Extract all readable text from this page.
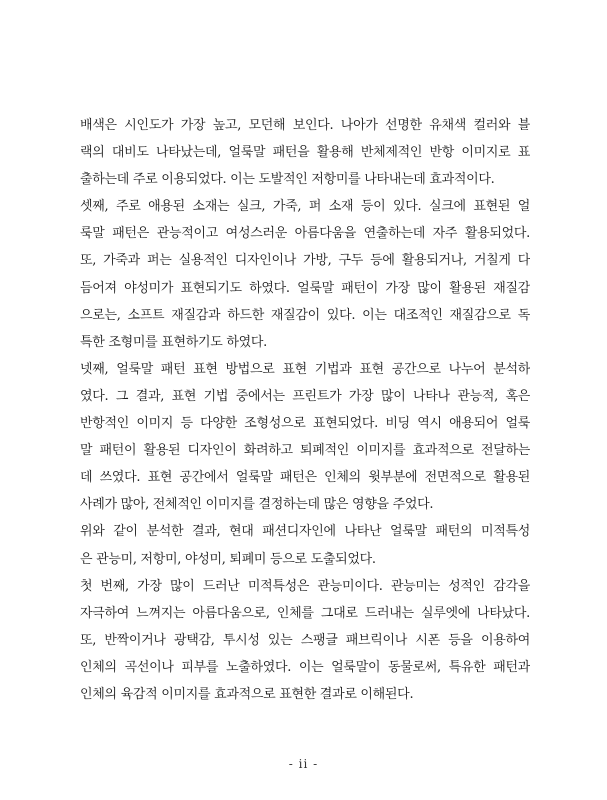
배색은 시인도가 가장 높고, 모던해 보인다. 나아가 선명한 유채색 컬러와 블
랙의 대비도 나타났는데, 얼룩말 패턴을 활용해 반체제적인 반항 이미지로 표
출하는데 주로 이용되었다. 이는 도발적인 저항미를 나타내는데 효과적이다.
셋째, 주로 애용된 소재는 실크, 가죽, 퍼 소재 등이 있다. 실크에 표현된 얼
룩말 패턴은 관능적이고 여성스러운 아름다움을 연출하는데 자주 활용되었다.
또, 가죽과 퍼는 실용적인 디자인이나 가방, 구두 등에 활용되거나, 거칠게 다
듬어져 야성미가 표현되기도 하였다. 얼룩말 패턴이 가장 많이 활용된 재질감
으로는, 소프트 재질감과 하드한 재질감이 있다. 이는 대조적인 재질감으로 독
특한 조형미를 표현하기도 하였다.
넷째, 얼룩말 패턴 표현 방법으로 표현 기법과 표현 공간으로 나누어 분석하
였다. 그 결과, 표현 기법 중에서는 프린트가 가장 많이 나타나 관능적, 혹은
반항적인 이미지 등 다양한 조형성으로 표현되었다. 비딩 역시 애용되어 얼룩
말 패턴이 활용된 디자인이 화려하고 퇴폐적인 이미지를 효과적으로 전달하는
데 쓰였다. 표현 공간에서 얼룩말 패턴은 인체의 윗부분에 전면적으로 활용된
사례가 많아, 전체적인 이미지를 결정하는데 많은 영향을 주었다.
위와 같이 분석한 결과, 현대 패션디자인에 나타난 얼룩말 패턴의 미적특성
은 관능미, 저항미, 야성미, 퇴폐미 등으로 도출되었다.
첫 번째, 가장 많이 드러난 미적특성은 관능미이다. 관능미는 성적인 감각을
자극하여 느껴지는 아름다움으로, 인체를 그대로 드러내는 실루엣에 나타났다.
또, 반짝이거나 광택감, 투시성 있는 스팽글 패브릭이나 시폰 등을 이용하여
인체의 곡선이나 피부를 노출하였다. 이는 얼룩말이 동물로써, 특유한 패턴과
인체의 육감적 이미지를 효과적으로 표현한 결과로 이해된다.
- ii -
